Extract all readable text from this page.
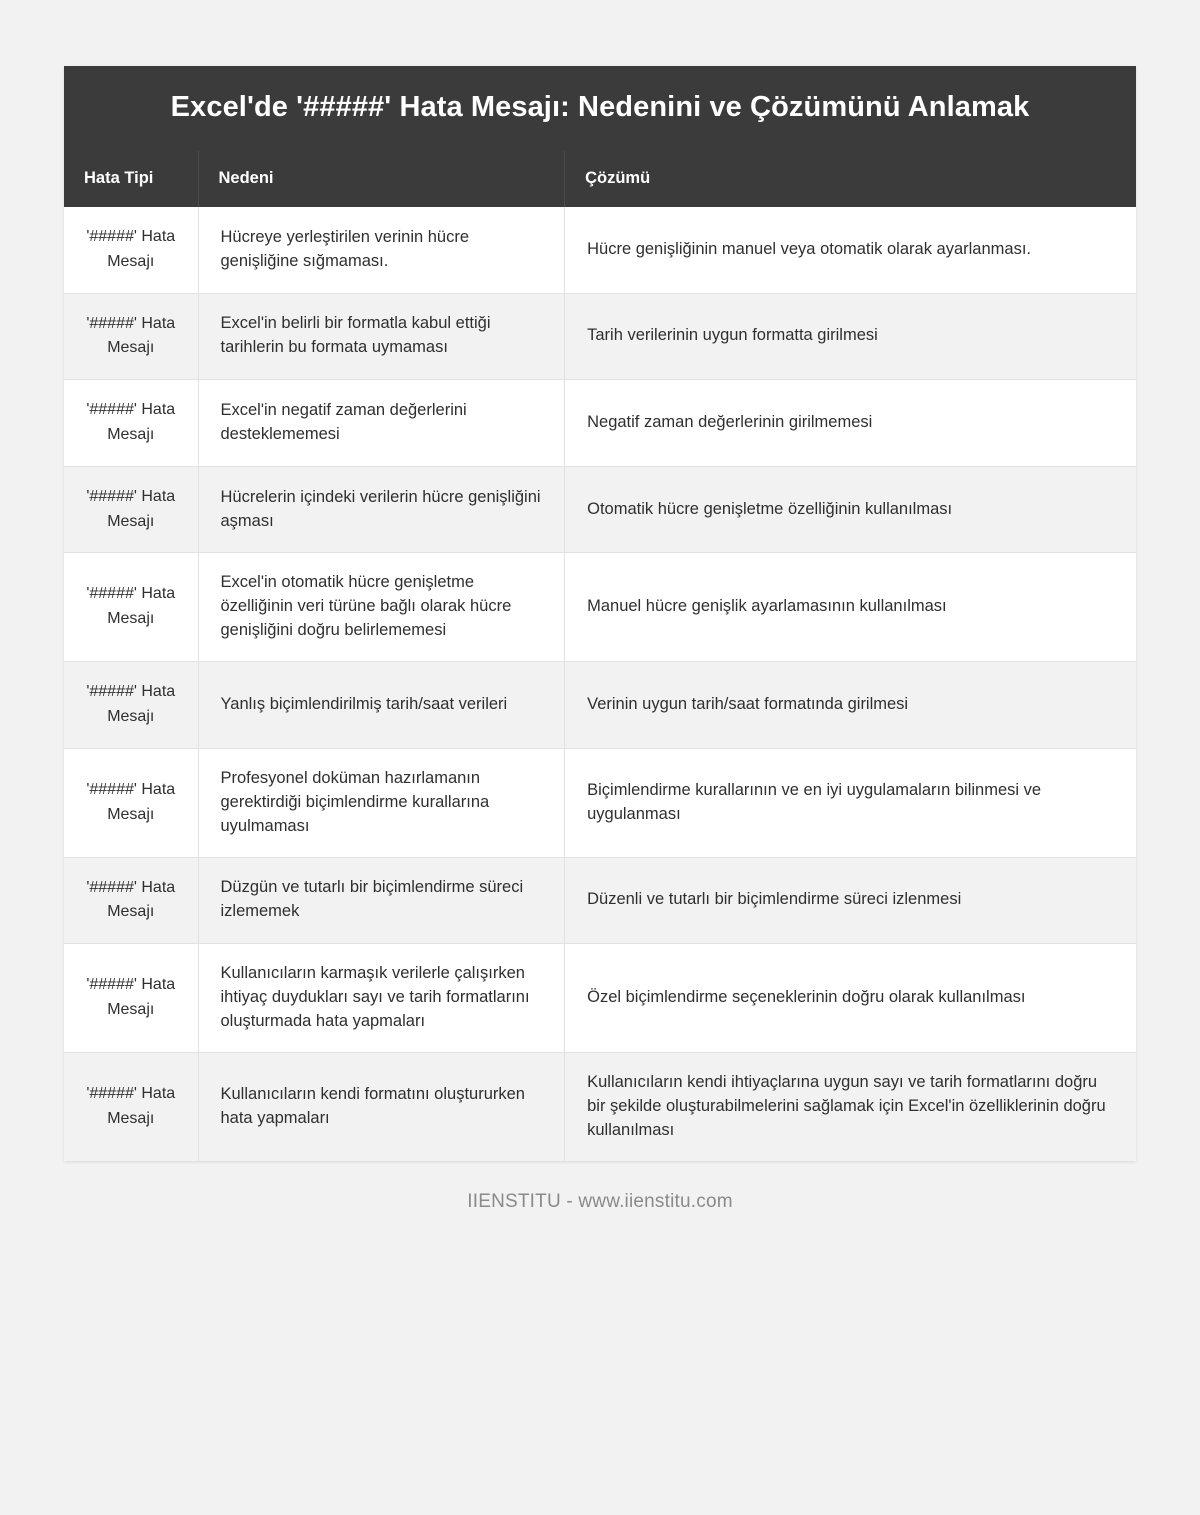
Excel'de '#####' Hata Mesajı: Nedenini ve Çözümünü Anlamak
Hata Tipi	Nedeni	Çözümü
'#####' Hata Mesajı	Hücreye yerleştirilen verinin hücre genişliğine sığmaması.	Hücre genişliğinin manuel veya otomatik olarak ayarlanması.
'#####' Hata Mesajı	Excel'in belirli bir formatla kabul ettiği tarihlerin bu formata uymaması	Tarih verilerinin uygun formatta girilmesi
'#####' Hata Mesajı	Excel'in negatif zaman değerlerini desteklememesi	Negatif zaman değerlerinin girilmemesi
'#####' Hata Mesajı	Hücrelerin içindeki verilerin hücre genişliğini aşması	Otomatik hücre genişletme özelliğinin kullanılması
'#####' Hata Mesajı	Excel'in otomatik hücre genişletme özelliğinin veri türüne bağlı olarak hücre genişliğini doğru belirlememesi	Manuel hücre genişlik ayarlamasının kullanılması
'#####' Hata Mesajı	Yanlış biçimlendirilmiş tarih/saat verileri	Verinin uygun tarih/saat formatında girilmesi
'#####' Hata Mesajı	Profesyonel doküman hazırlamanın gerektirdiği biçimlendirme kurallarına uyulmaması	Biçimlendirme kurallarının ve en iyi uygulamaların bilinmesi ve uygulanması
'#####' Hata Mesajı	Düzgün ve tutarlı bir biçimlendirme süreci izlememek	Düzenli ve tutarlı bir biçimlendirme süreci izlenmesi
'#####' Hata Mesajı	Kullanıcıların karmaşık verilerle çalışırken ihtiyaç duydukları sayı ve tarih formatlarını oluşturmada hata yapmaları	Özel biçimlendirme seçeneklerinin doğru olarak kullanılması
'#####' Hata Mesajı	Kullanıcıların kendi formatını oluştururken hata yapmaları	Kullanıcıların kendi ihtiyaçlarına uygun sayı ve tarih formatlarını doğru bir şekilde oluşturabilmelerini sağlamak için Excel'in özelliklerinin doğru kullanılması
IIENSTITU - www.iienstitu.com
